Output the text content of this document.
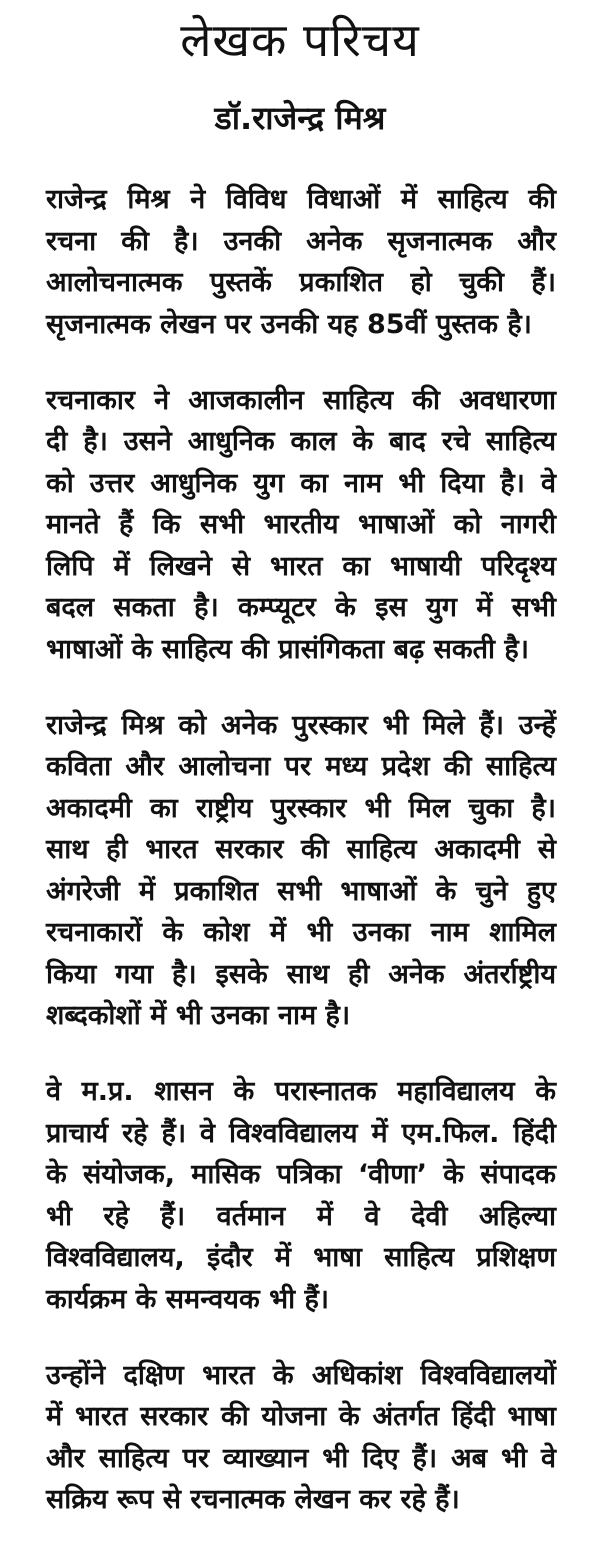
लेखक परिचय
डॉ.राजेन्द्र मिश्र
राजेन्द्र मिश्र ने विविध विधाओं में साहित्य की
रचना की है। उनकी अनेक सृजनात्मक और
आलोचनात्मक पुस्तकें प्रकाशित हो चुकी हैं।
सृजनात्मक लेखन पर उनकी यह 85वीं पुस्तक है।
रचनाकार ने आजकालीन साहित्य की अवधारणा
दी है। उसने आधुनिक काल के बाद रचे साहित्य
को उत्तर आधुनिक युग का नाम भी दिया है। वे
मानते हैं कि सभी भारतीय भाषाओं को नागरी
लिपि में लिखने से भारत का भाषायी परिदृश्य
बदल सकता है। कम्प्यूटर के इस युग में सभी
भाषाओं के साहित्य की प्रासंगिकता बढ़ सकती है।
राजेन्द्र मिश्र को अनेक पुरस्कार भी मिले हैं। उन्हें
कविता और आलोचना पर मध्य प्रदेश की साहित्य
अकादमी का राष्ट्रीय पुरस्कार भी मिल चुका है।
साथ ही भारत सरकार की साहित्य अकादमी से
अंगरेजी में प्रकाशित सभी भाषाओं के चुने हुए
रचनाकारों के कोश में भी उनका नाम शामिल
किया गया है। इसके साथ ही अनेक अंतर्राष्ट्रीय
शब्दकोशों में भी उनका नाम है।
वे म.प्र. शासन के परास्नातक महाविद्यालय के
प्राचार्य रहे हैं। वे विश्वविद्यालय में एम.फिल. हिंदी
के संयोजक, मासिक पत्रिका ‘वीणा’ के संपादक
भी रहे हैं। वर्तमान में वे देवी अहिल्या
विश्वविद्यालय, इंदौर में भाषा साहित्य प्रशिक्षण
कार्यक्रम के समन्वयक भी हैं।
उन्होंने दक्षिण भारत के अधिकांश विश्वविद्यालयों
में भारत सरकार की योजना के अंतर्गत हिंदी भाषा
और साहित्य पर व्याख्यान भी दिए हैं। अब भी वे
सक्रिय रूप से रचनात्मक लेखन कर रहे हैं।
